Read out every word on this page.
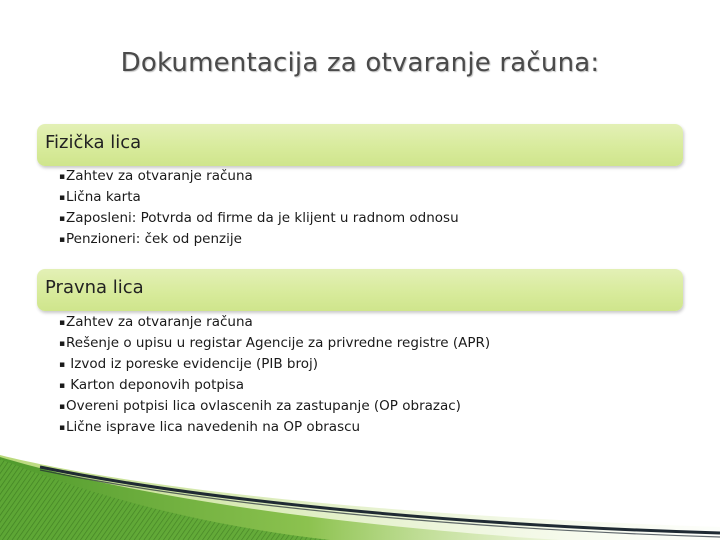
Dokumentacija za otvaranje računa:
Fizička lica
▪Zahtev za otvaranje računa
▪Lična karta
▪Zaposleni: Potvrda od firme da je klijent u radnom odnosu
▪Penzioneri: ček od penzije
Pravna lica
▪Zahtev za otvaranje računa
▪Rešenje o upisu u registar Agencije za privredne registre (APR)
▪ Izvod iz poreske evidencije (PIB broj)
▪ Karton deponovih potpisa
▪Overeni potpisi lica ovlascenih za zastupanje (OP obrazac)
▪Lične isprave lica navedenih na OP obrascu
